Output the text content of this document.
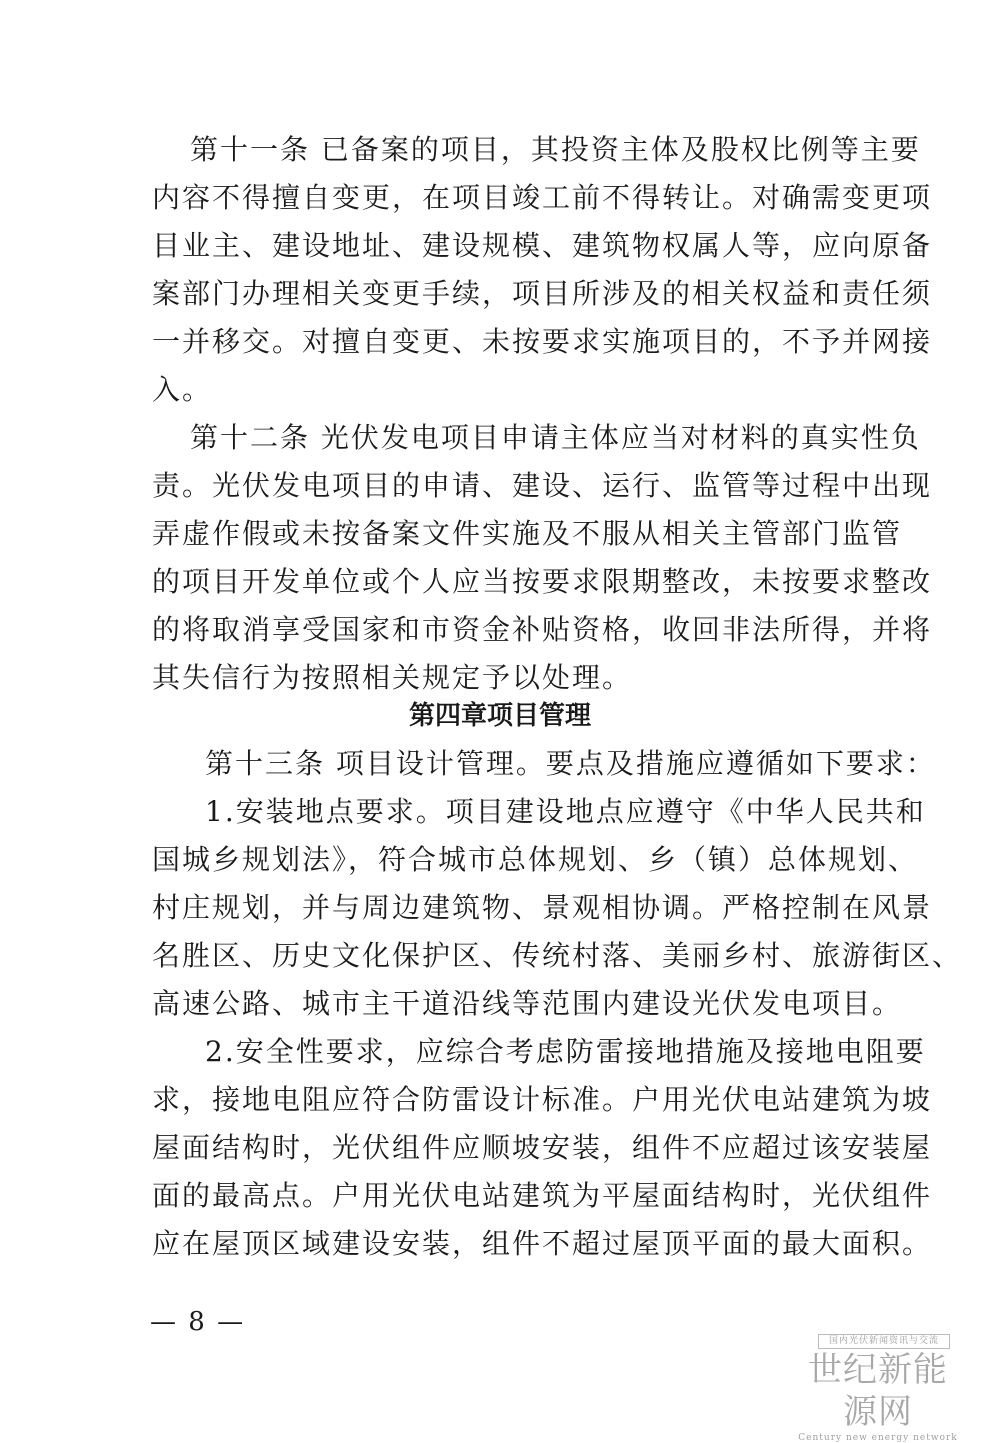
第十一条 已备案的项目，其投资主体及股权比例等主要
内容不得擅自变更，在项目竣工前不得转让。对确需变更项
目业主、建设地址、建设规模、建筑物权属人等，应向原备
案部门办理相关变更手续，项目所涉及的相关权益和责任须
一并移交。对擅自变更、未按要求实施项目的，不予并网接
入。
第十二条 光伏发电项目申请主体应当对材料的真实性负
责。光伏发电项目的申请、建设、运行、监管等过程中出现
弄虚作假或未按备案文件实施及不服从相关主管部门监管
的项目开发单位或个人应当按要求限期整改，未按要求整改
的将取消享受国家和市资金补贴资格，收回非法所得，并将
其失信行为按照相关规定予以处理。
第四章项目管理
第十三条 项目设计管理。要点及措施应遵循如下要求：
1.安装地点要求。项目建设地点应遵守《中华人民共和
国城乡规划法》，符合城市总体规划、乡（镇）总体规划、
村庄规划，并与周边建筑物、景观相协调。严格控制在风景
名胜区、历史文化保护区、传统村落、美丽乡村、旅游街区、
高速公路、城市主干道沿线等范围内建设光伏发电项目。
2.安全性要求，应综合考虑防雷接地措施及接地电阻要
求，接地电阻应符合防雷设计标准。户用光伏电站建筑为坡
屋面结构时，光伏组件应顺坡安装，组件不应超过该安装屋
面的最高点。户用光伏电站建筑为平屋面结构时，光伏组件
应在屋顶区域建设安装，组件不超过屋顶平面的最大面积。
— 8 —
国内光伏新闻资讯与交流
世纪新能源网
Century new energy network
